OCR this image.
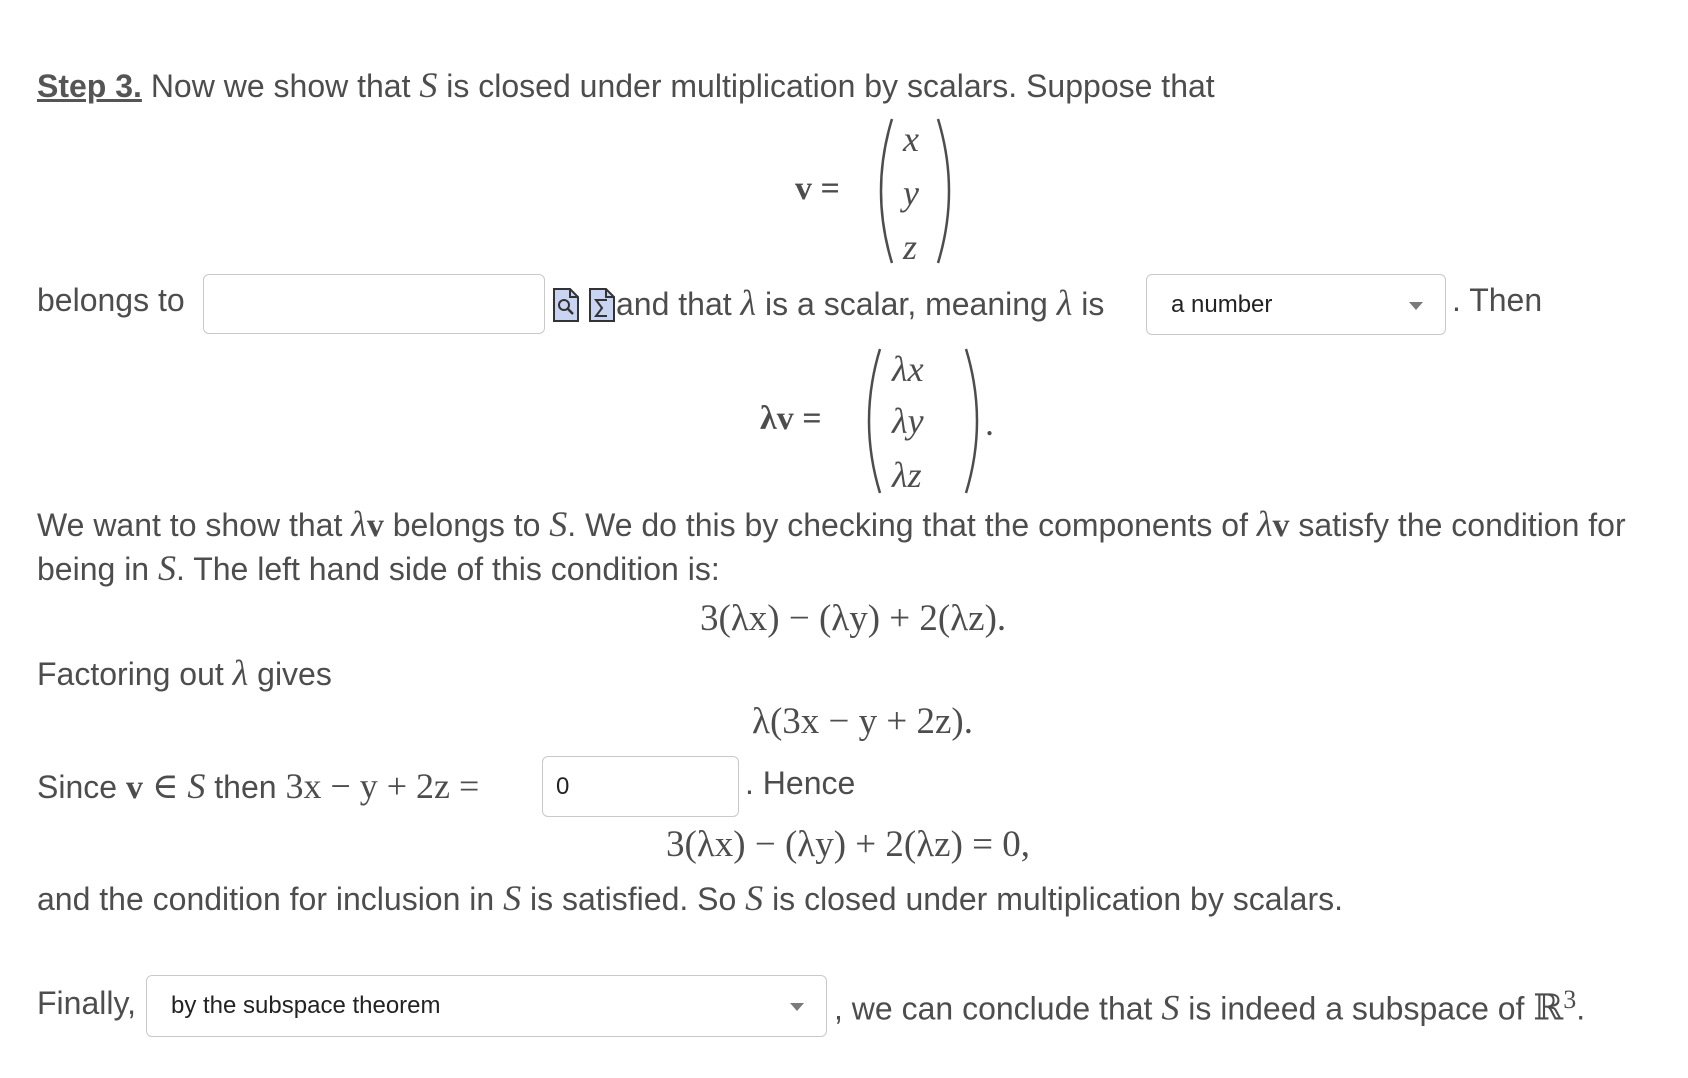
Step 3. Now we show that S is closed under multiplication by scalars. Suppose that
v =
x
y
z
belongs to	and that λ is a scalar, meaning λ is	a number	. Then
λv =
λx
λy
λz
.
We want to show that λv belongs to S. We do this by checking that the components of λv satisfy the condition for
being in S. The left hand side of this condition is:
3(λx) − (λy) + 2(λz).
Factoring out λ gives
λ(3x − y + 2z).
Since v ∈ S then 3x − y + 2z =	0	. Hence
3(λx) − (λy) + 2(λz) = 0,
and the condition for inclusion in S is satisfied. So S is closed under multiplication by scalars.
Finally, by the subspace theorem	, we can conclude that S is indeed a subspace of ℝ$^3$.
